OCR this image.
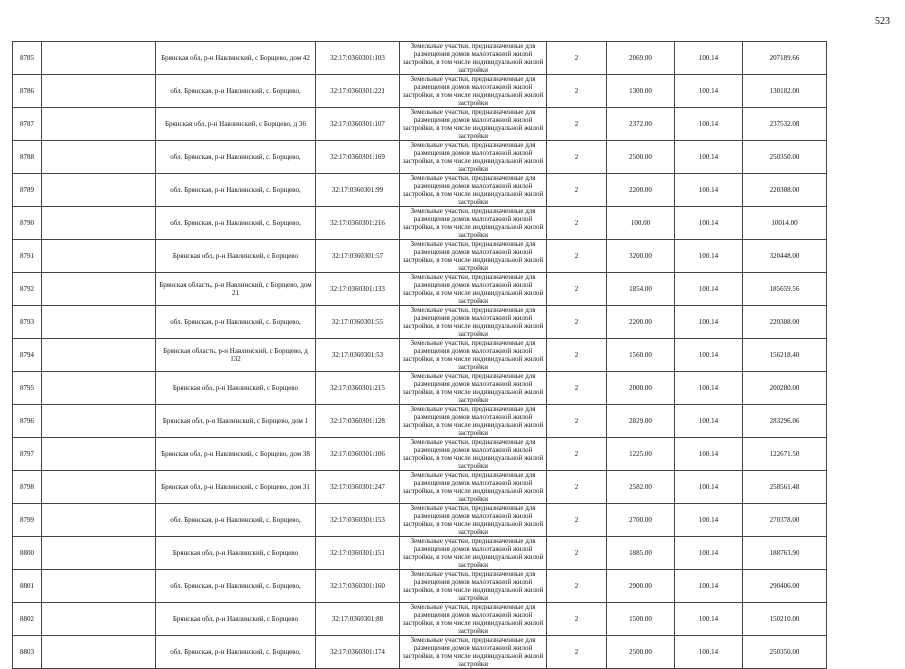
523
8785		Брянская обл, р-н Навлинский, с Борщево, дом 42	32:17:0360301:103	Земельные участки, предназначенные для размещения домов малоэтажной жилой застройки, в том числе индивидуальной жилой застройки	2	2069.00	100.14	207189.66
8786		обл. Брянская, р-н Навлинский, с. Борщево,	32:17:0360301:221	Земельные участки, предназначенные для размещения домов малоэтажной жилой застройки, в том числе индивидуальной жилой застройки	2	1300.00	100.14	130182.00
8787		Брянская обл, р-н Навлинский, с Борщево, д 36	32:17:0360301:107	Земельные участки, предназначенные для размещения домов малоэтажной жилой застройки, в том числе индивидуальной жилой застройки	2	2372.00	100.14	237532.08
8788		обл. Брянская, р-н Навлинский, с. Борщево,	32:17:0360301:169	Земельные участки, предназначенные для размещения домов малоэтажной жилой застройки, в том числе индивидуальной жилой застройки	2	2500.00	100.14	250350.00
8789		обл. Брянская, р-н Навлинский, с. Борщево,	32:17:0360301:99	Земельные участки, предназначенные для размещения домов малоэтажной жилой застройки, в том числе индивидуальной жилой застройки	2	2200.00	100.14	220308.00
8790		обл. Брянская, р-н Навлинский, с. Борщево,	32:17:0360301:216	Земельные участки, предназначенные для размещения домов малоэтажной жилой застройки, в том числе индивидуальной жилой застройки	2	100.00	100.14	10014.00
8791		Брянская обл, р-н Навлинский, с Борщево	32:17:0360301:57	Земельные участки, предназначенные для размещения домов малоэтажной жилой застройки, в том числе индивидуальной жилой застройки	2	3200.00	100.14	320448.00
8792		Брянская область, р-н Навлинский, с Борщево, дом 21	32:17:0360301:133	Земельные участки, предназначенные для размещения домов малоэтажной жилой застройки, в том числе индивидуальной жилой застройки	2	1854.00	100.14	185659.56
8793		обл. Брянская, р-н Навлинский, с. Борщево,	32:17:0360301:55	Земельные участки, предназначенные для размещения домов малоэтажной жилой застройки, в том числе индивидуальной жилой застройки	2	2200.00	100.14	220308.00
8794		Брянская область, р-н Навлинский, с Борщево, д 132	32:17:0360301:53	Земельные участки, предназначенные для размещения домов малоэтажной жилой застройки, в том числе индивидуальной жилой застройки	2	1560.00	100.14	156218.40
8795		Брянская обл, р-н Навлинский, с Борщево	32:17:0360301:215	Земельные участки, предназначенные для размещения домов малоэтажной жилой застройки, в том числе индивидуальной жилой застройки	2	2000.00	100.14	200280.00
8796		Брянская обл, р-н Навлинский, с Борщево, дом 1	32:17:0360301:128	Земельные участки, предназначенные для размещения домов малоэтажной жилой застройки, в том числе индивидуальной жилой застройки	2	2829.00	100.14	283296.06
8797		Брянская обл, р-н Навлинский, с Борщево, дом 38	32:17:0360301:106	Земельные участки, предназначенные для размещения домов малоэтажной жилой застройки, в том числе индивидуальной жилой застройки	2	1225.00	100.14	122671.50
8798		Брянская обл, р-н Навлинский, с Борщево, дом 31	32:17:0360301:247	Земельные участки, предназначенные для размещения домов малоэтажной жилой застройки, в том числе индивидуальной жилой застройки	2	2582.00	100.14	258561.48
8799		обл. Брянская, р-н Навлинский, с. Борщево,	32:17:0360301:153	Земельные участки, предназначенные для размещения домов малоэтажной жилой застройки, в том числе индивидуальной жилой застройки	2	2700.00	100.14	270378.00
8800		Брянская обл, р-н Навлинский, с Борщево	32:17:0360301:151	Земельные участки, предназначенные для размещения домов малоэтажной жилой застройки, в том числе индивидуальной жилой застройки	2	1885.00	100.14	188763.90
8801		обл. Брянская, р-н Навлинский, с. Борщево,	32:17:0360301:160	Земельные участки, предназначенные для размещения домов малоэтажной жилой застройки, в том числе индивидуальной жилой застройки	2	2900.00	100.14	290406.00
8802		Брянская обл, р-н Навлинский, с Борщево	32:17:0360301:88	Земельные участки, предназначенные для размещения домов малоэтажной жилой застройки, в том числе индивидуальной жилой застройки	2	1500.00	100.14	150210.00
8803		обл. Брянская, р-н Навлинский, с. Борщево,	32:17:0360301:174	Земельные участки, предназначенные для размещения домов малоэтажной жилой застройки, в том числе индивидуальной жилой застройки	2	2500.00	100.14	250350.00
